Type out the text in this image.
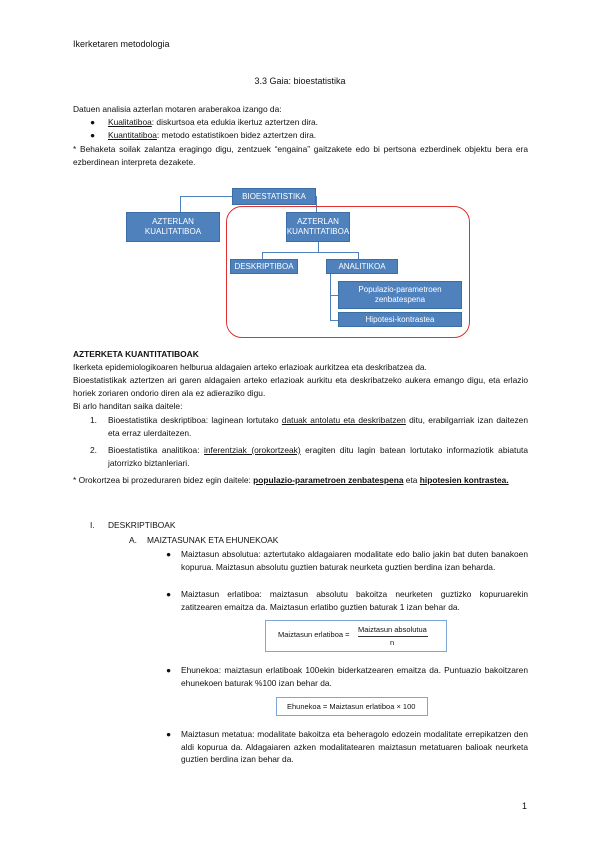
Ikerketaren metodologia
3.3 Gaia: bioestatistika
Datuen analisia azterlan motaren araberakoa izango da:
● Kualitatiboa: diskurtsoa eta edukia ikertuz aztertzen dira.
● Kuantitatiboa: metodo estatistikoen bidez aztertzen dira.
* Behaketa soilak zalantza eragingo digu, zentzuek “engaina” gaitzakete edo bi pertsona ezberdinek objektu bera era ezberdinean interpreta dezakete.
BIOESTATISTIKA
AZTERLAN KUALITATIBOA
AZTERLAN KUANTITATIBOA
DESKRIPTIBOA	ANALITIKOA
Populazio-parametroen zenbatespena
Hipotesi-kontrastea
AZTERKETA KUANTITATIBOAK
Ikerketa epidemiologikoaren helburua aldagaien arteko erlazioak aurkitzea eta deskribatzea da.
Bioestatistikak aztertzen ari garen aldagaien arteko erlazioak aurkitu eta deskribatzeko aukera emango digu, eta erlazio horiek zoriaren ondorio diren ala ez adieraziko digu.
Bi arlo handitan saika daitele:
1. Bioestatistika deskriptiboa: laginean lortutako datuak antolatu eta deskribatzen ditu, erabilgarriak izan daitezen eta erraz ulerdaitezen.
2. Bioestatistika analitikoa: inferentziak (orokortzeak) eragiten ditu lagin batean lortutako informaziotik abiatuta jatorrizko biztanleriari.
* Orokortzea bi prozeduraren bidez egin daitele: populazio-parametroen zenbatespena eta hipotesien kontrastea.
I. DESKRIPTIBOAK
A. MAIZTASUNAK ETA EHUNEKOAK
● Maiztasun absolutua: aztertutako aldagaiaren modalitate edo balio jakin bat duten banakoen kopurua. Maiztasun absolutu guztien baturak neurketa guztien berdina izan beharda.
● Maiztasun erlatiboa: maiztasun absolutu bakoitza neurketen guztizko kopuruarekin zatitzearen emaitza da. Maiztasun erlatibo guztien baturak 1 izan behar da.
Maiztasun erlatiboa =
Maiztasun absolutua
n
● Ehunekoa: maiztasun erlatiboak 100ekin biderkatzearen emaitza da. Puntuazio bakoitzaren ehunekoen baturak %100 izan behar da.
Ehunekoa = Maiztasun erlatiboa × 100
● Maiztasun metatua: modalitate bakoitza eta beheragolo edozein modalitate errepikatzen den aldi kopurua da. Aldagaiaren azken modalitatearen maiztasun metatuaren balioak neurketa guztien berdina izan behar da.
1
